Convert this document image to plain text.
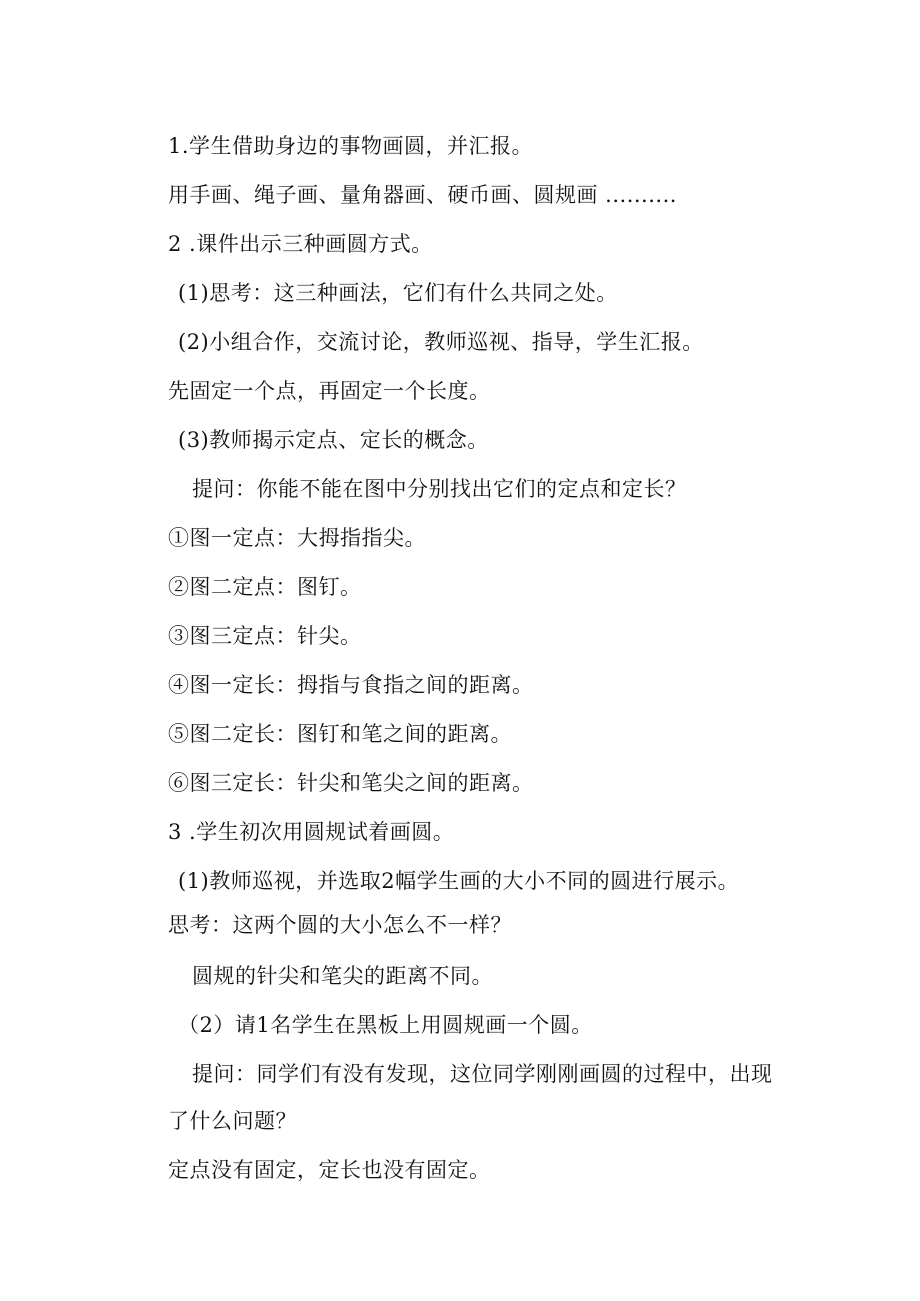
1.学生借助身边的事物画圆，并汇报。
用手画、绳子画、量角器画、硬币画、圆规画 ..........
2 .课件出示三种画圆方式。
(1)思考：这三种画法，它们有什么共同之处。
(2)小组合作，交流讨论，教师巡视、指导，学生汇报。
先固定一个点，再固定一个长度。
(3)教师揭示定点、定长的概念。
提问：你能不能在图中分别找出它们的定点和定长？
①图一定点：大拇指指尖。
②图二定点：图钉。
③图三定点：针尖。
④图一定长：拇指与食指之间的距离。
⑤图二定长：图钉和笔之间的距离。
⑥图三定长：针尖和笔尖之间的距离。
3 .学生初次用圆规试着画圆。
(1)教师巡视，并选取2幅学生画的大小不同的圆进行展示。
思考：这两个圆的大小怎么不一样？
圆规的针尖和笔尖的距离不同。
（2）请1名学生在黑板上用圆规画一个圆。
提问：同学们有没有发现，这位同学刚刚画圆的过程中，出现
了什么问题？
定点没有固定，定长也没有固定。
